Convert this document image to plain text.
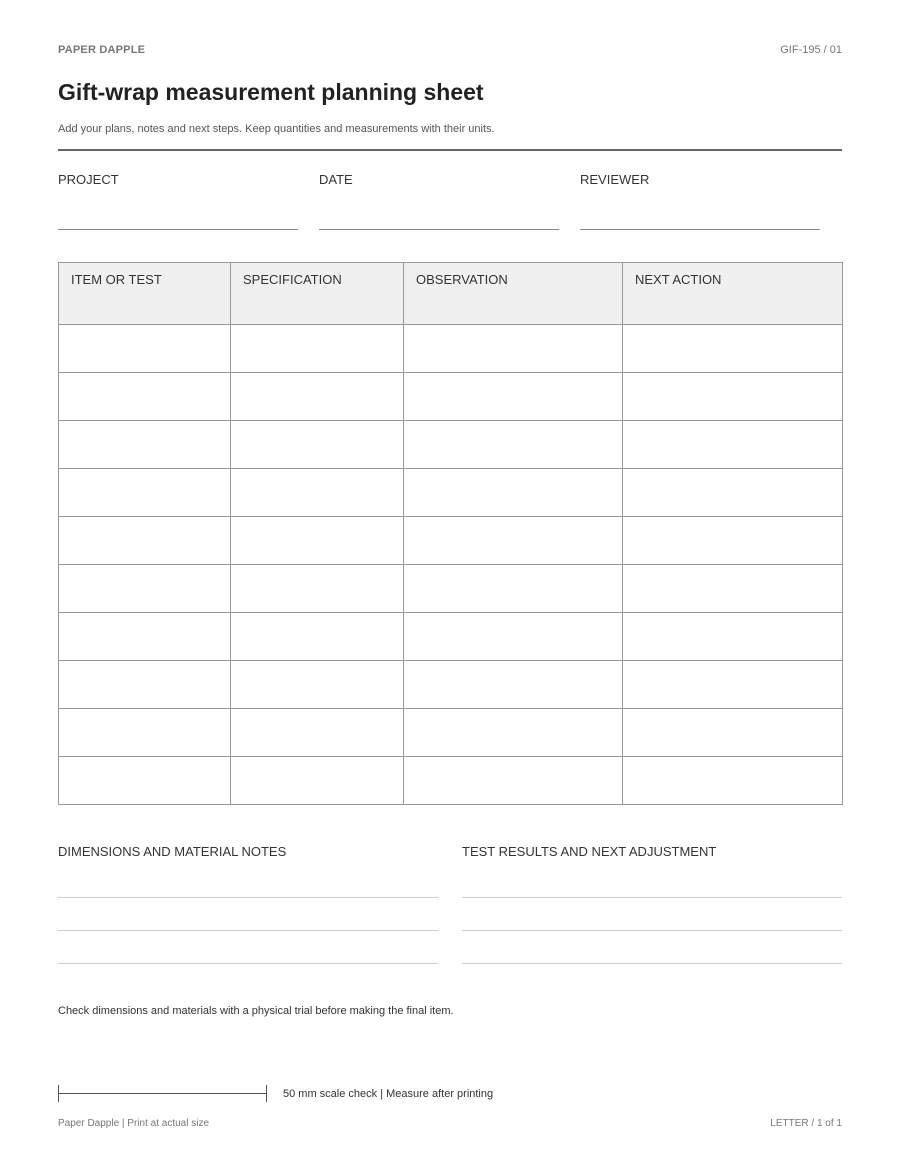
PAPER DAPPLE	GIF-195 / 01
Gift-wrap measurement planning sheet
Add your plans, notes and next steps. Keep quantities and measurements with their units.
PROJECT	DATE	REVIEWER
ITEM OR TEST	SPECIFICATION	OBSERVATION	NEXT ACTION

DIMENSIONS AND MATERIAL NOTES	TEST RESULTS AND NEXT ADJUSTMENT
Check dimensions and materials with a physical trial before making the final item.
50 mm scale check | Measure after printing
Paper Dapple | Print at actual size	LETTER / 1 of 1
